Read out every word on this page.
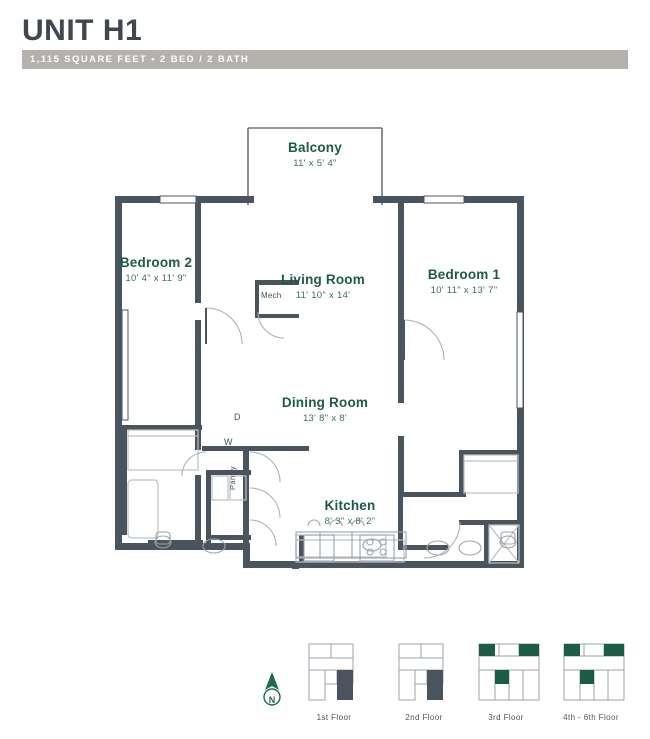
UNIT H1
1,115 SQUARE FEET • 2 BED / 2 BATH
Balcony
11' x 5' 4"
Bedroom 2
10' 4" x 11' 9"	Living Room
11' 10" x 14'
Bedroom 1
10' 11" x 13' 7"
Dining Room
13' 8" x 8'
Kitchen
8' 3" x 8' 2"
Mech
W
D
Pantry
N
1st Floor	2nd Floor	3rd Floor	4th - 6th Floor
